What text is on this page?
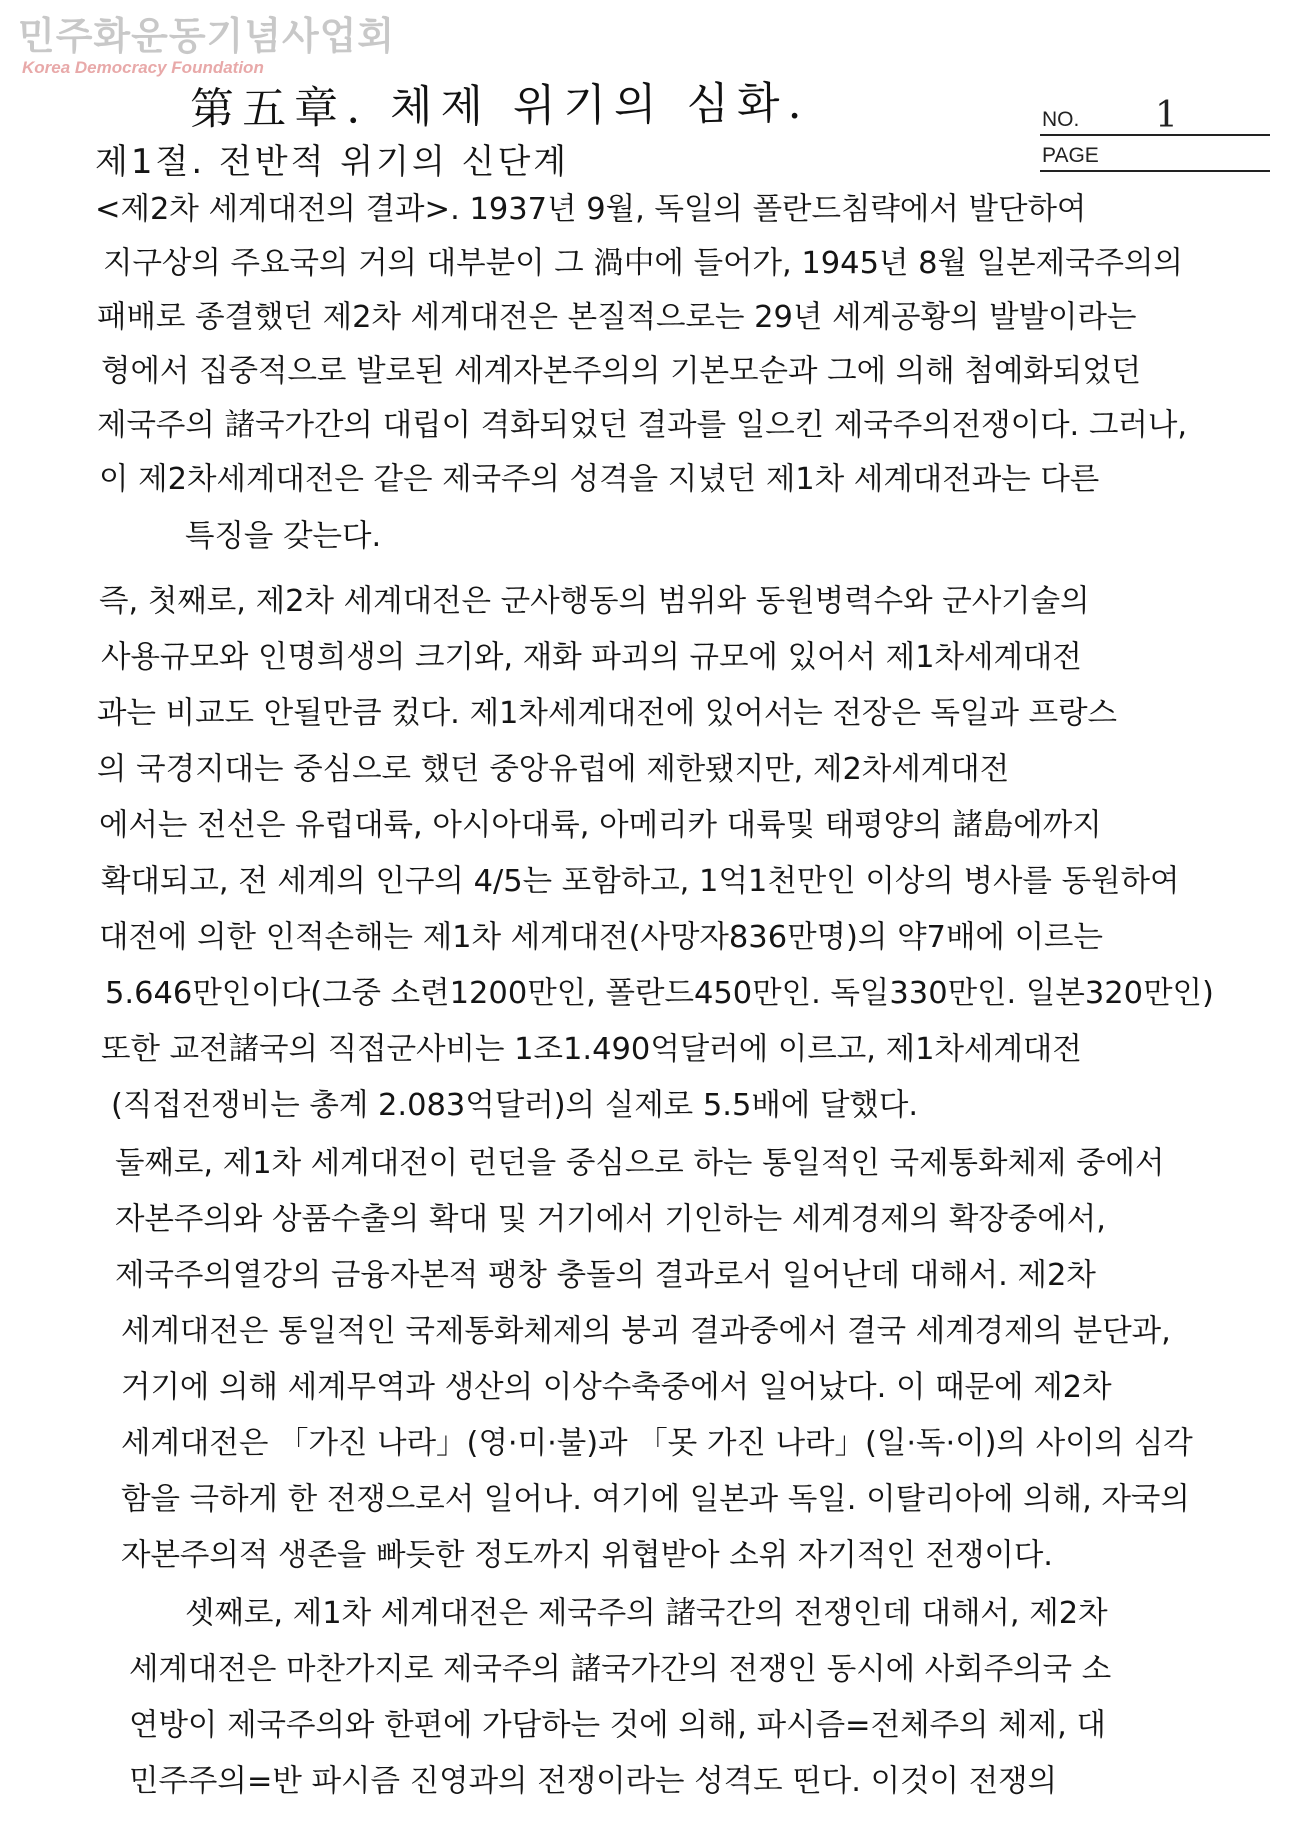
민주화운동기념사업회
Korea Democracy Foundation
第五章. 체제 위기의 심화.	NO. 1
PAGE
제1절. 전반적 위기의 신단계
<제2차 세계대전의 결과>. 1937년 9월, 독일의 폴란드침략에서 발단하여
지구상의 주요국의 거의 대부분이 그 渦中에 들어가, 1945년 8월 일본제국주의의
패배로 종결했던 제2차 세계대전은 본질적으로는 29년 세계공황의 발발이라는
형에서 집중적으로 발로된 세계자본주의의 기본모순과 그에 의해 첨예화되었던
제국주의 諸국가간의 대립이 격화되었던 결과를 일으킨 제국주의전쟁이다. 그러나,
이 제2차세계대전은 같은 제국주의 성격을 지녔던 제1차 세계대전과는 다른
특징을 갖는다.
즉, 첫째로, 제2차 세계대전은 군사행동의 범위와 동원병력수와 군사기술의
사용규모와 인명희생의 크기와, 재화 파괴의 규모에 있어서 제1차세계대전
과는 비교도 안될만큼 컸다. 제1차세계대전에 있어서는 전장은 독일과 프랑스
의 국경지대는 중심으로 했던 중앙유럽에 제한됐지만, 제2차세계대전
에서는 전선은 유럽대륙, 아시아대륙, 아메리카 대륙및 태평양의 諸島에까지
확대되고, 전 세계의 인구의 4/5는 포함하고, 1억1천만인 이상의 병사를 동원하여
대전에 의한 인적손해는 제1차 세계대전(사망자836만명)의 약7배에 이르는
5.646만인이다(그중 소련1200만인, 폴란드450만인. 독일330만인. 일본320만인)
또한 교전諸국의 직접군사비는 1조1.490억달러에 이르고, 제1차세계대전
(직접전쟁비는 총계 2.083억달러)의 실제로 5.5배에 달했다.
둘째로, 제1차 세계대전이 런던을 중심으로 하는 통일적인 국제통화체제 중에서
자본주의와 상품수출의 확대 및 거기에서 기인하는 세계경제의 확장중에서,
제국주의열강의 금융자본적 팽창 충돌의 결과로서 일어난데 대해서. 제2차
세계대전은 통일적인 국제통화체제의 붕괴 결과중에서 결국 세계경제의 분단과,
거기에 의해 세계무역과 생산의 이상수축중에서 일어났다. 이 때문에 제2차
세계대전은 「가진 나라」(영·미·불)과 「못 가진 나라」(일·독·이)의 사이의 심각
함을 극하게 한 전쟁으로서 일어나. 여기에 일본과 독일. 이탈리아에 의해, 자국의
자본주의적 생존을 빠듯한 정도까지 위협받아 소위 자기적인 전쟁이다.
셋째로, 제1차 세계대전은 제국주의 諸국간의 전쟁인데 대해서, 제2차
세계대전은 마찬가지로 제국주의 諸국가간의 전쟁인 동시에 사회주의국 소
연방이 제국주의와 한편에 가담하는 것에 의해, 파시즘=전체주의 체제, 대
민주주의=반 파시즘 진영과의 전쟁이라는 성격도 띤다. 이것이 전쟁의
